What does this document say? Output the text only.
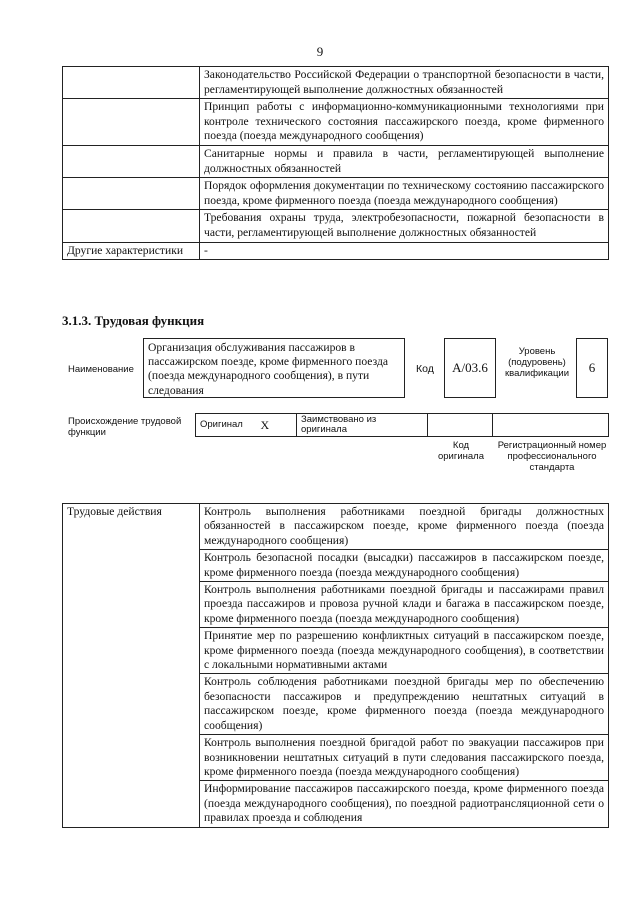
9
	Законодательство Российской Федерации о транспортной безопасности в части, регламентирующей выполнение должностных обязанностей
	Принцип работы с информационно-коммуникационными технологиями при контроле технического состояния пассажирского поезда, кроме фирменного поезда (поезда международного сообщения)
	Санитарные нормы и правила в части, регламентирующей выполнение должностных обязанностей
	Порядок оформления документации по техническому состоянию пассажирского поезда, кроме фирменного поезда (поезда международного сообщения)
	Требования охраны труда, электробезопасности, пожарной безопасности в части, регламентирующей выполнение должностных обязанностей
Другие характеристики	-
3.1.3. Трудовая функция
Наименование
Организация обслуживания пассажиров в пассажирском поезде, кроме фирменного поезда (поезда международного сообщения), в пути следования
Код	A/03.6
Уровень (подуровень) квалификации	6
Происхождение трудовой функции
Оригинал	X	Заимствовано из оригинала		
Код оригинала
Регистрационный номер профессионального стандарта
Трудовые действия	Контроль выполнения работниками поездной бригады должностных обязанностей в пассажирском поезде, кроме фирменного поезда (поезда международного сообщения)
Контроль безопасной посадки (высадки) пассажиров в пассажирском поезде, кроме фирменного поезда (поезда международного сообщения)
Контроль выполнения работниками поездной бригады и пассажирами правил проезда пассажиров и провоза ручной клади и багажа в пассажирском поезде, кроме фирменного поезда (поезда международного сообщения)
Принятие мер по разрешению конфликтных ситуаций в пассажирском поезде, кроме фирменного поезда (поезда международного сообщения), в соответствии с локальными нормативными актами
Контроль соблюдения работниками поездной бригады мер по обеспечению безопасности пассажиров и предупреждению нештатных ситуаций в пассажирском поезде, кроме фирменного поезда (поезда международного сообщения)
Контроль выполнения поездной бригадой работ по эвакуации пассажиров при возникновении нештатных ситуаций в пути следования пассажирского поезда, кроме фирменного поезда (поезда международного сообщения)
Информирование пассажиров пассажирского поезда, кроме фирменного поезда (поезда международного сообщения), по поездной радиотрансляционной сети о правилах проезда и соблюдения
